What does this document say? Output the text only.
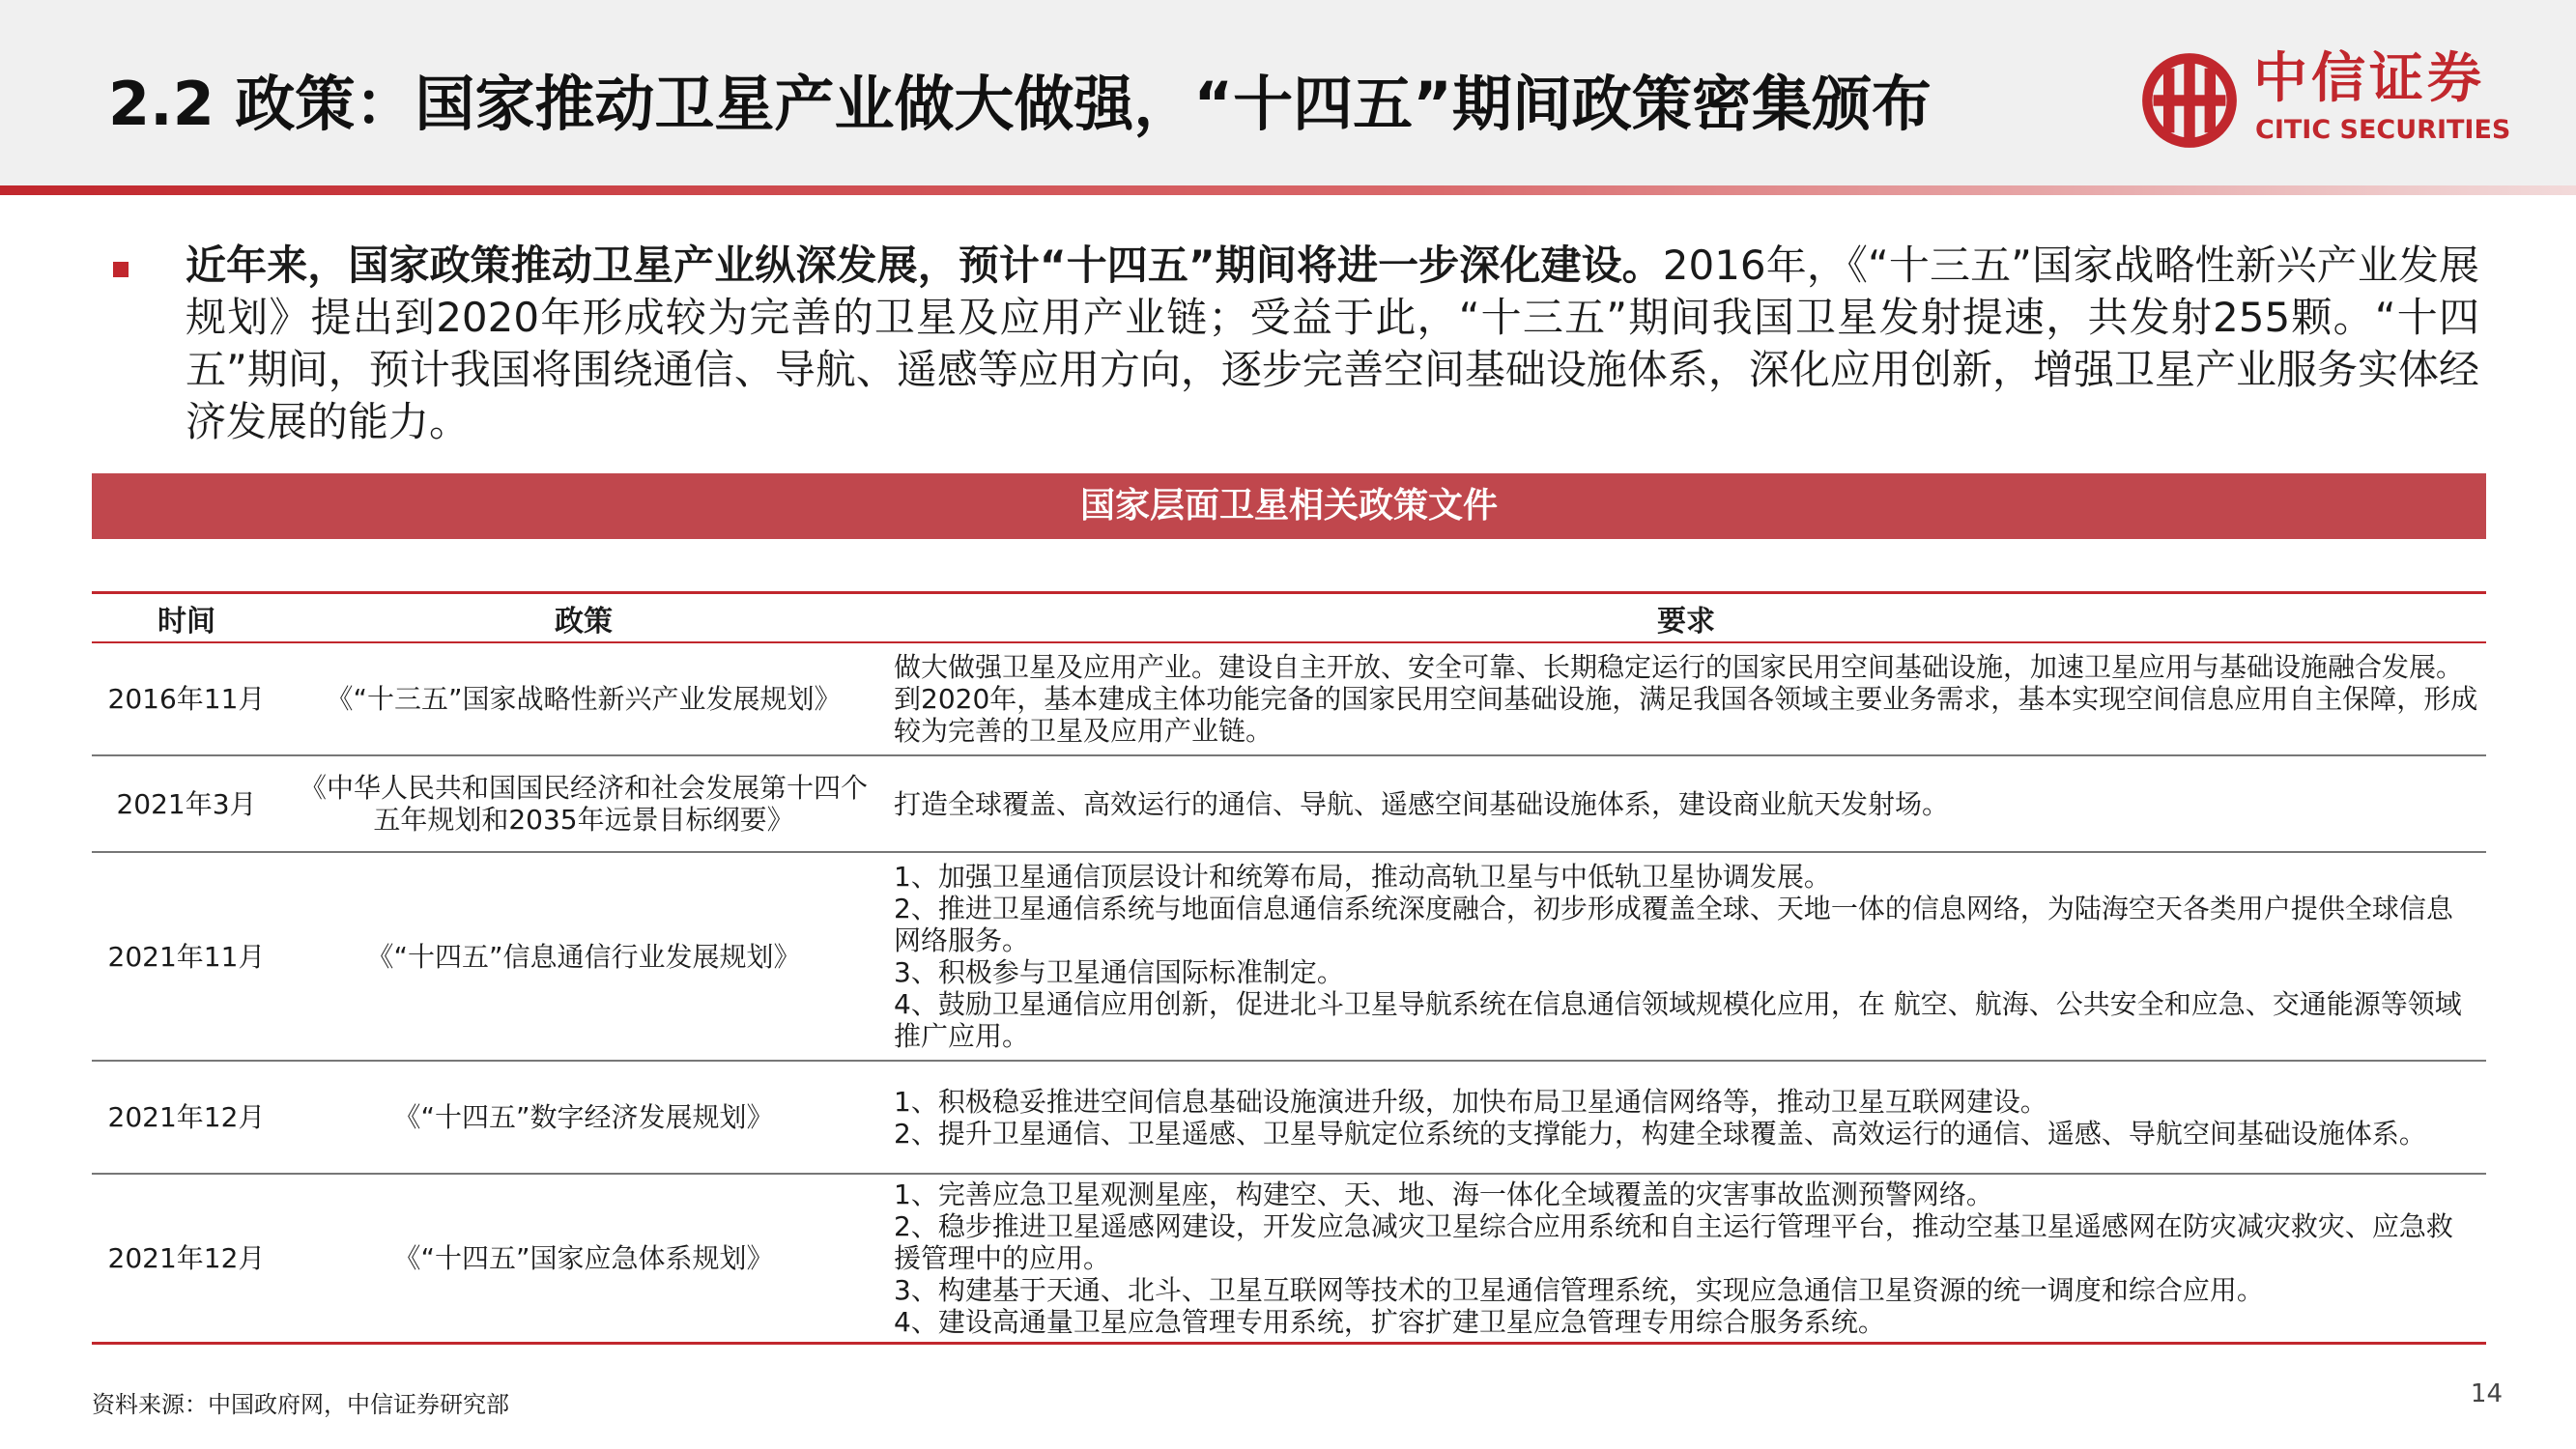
2.2 政策：国家推动卫星产业做大做强，“十四五”期间政策密集颁布	中信证券
CITIC SECURITIES
近年来，国家政策推动卫星产业纵深发展，预计“十四五”期间将进一步深化建设。2016年，《“十三五”国家战略性新兴产业发展规划》提出到2020年形成较为完善的卫星及应用产业链；受益于此，“十三五”期间我国卫星发射提速，共发射255颗。“十四五”期间，预计我国将围绕通信、导航、遥感等应用方向，逐步完善空间基础设施体系，深化应用创新，增强卫星产业服务实体经济发展的能力。
国家层面卫星相关政策文件
时间	政策	要求
2016年11月	《“十三五”国家战略性新兴产业发展规划》	做大做强卫星及应用产业。建设自主开放、安全可靠、长期稳定运行的国家民用空间基础设施，加速卫星应用与基础设施融合发展。到2020年，基本建成主体功能完备的国家民用空间基础设施，满足我国各领域主要业务需求，基本实现空间信息应用自主保障，形成较为完善的卫星及应用产业链。

2021年3月	《中华人民共和国国民经济和社会发展第十四个五年规划和2035年远景目标纲要》	打造全球覆盖、高效运行的通信、导航、遥感空间基础设施体系，建设商业航天发射场。

2021年11月	《“十四五”信息通信行业发展规划》	1、加强卫星通信顶层设计和统筹布局，推动高轨卫星与中低轨卫星协调发展。
2、推进卫星通信系统与地面信息通信系统深度融合，初步形成覆盖全球、天地一体的信息网络，为陆海空天各类用户提供全球信息网络服务。
3、积极参与卫星通信国际标准制定。
4、鼓励卫星通信应用创新，促进北斗卫星导航系统在信息通信领域规模化应用，在 航空、航海、公共安全和应急、交通能源等领域推广应用。

2021年12月	《“十四五”数字经济发展规划》	1、积极稳妥推进空间信息基础设施演进升级，加快布局卫星通信网络等，推动卫星互联网建设。
2、提升卫星通信、卫星遥感、卫星导航定位系统的支撑能力，构建全球覆盖、高效运行的通信、遥感、导航空间基础设施体系。

2021年12月	《“十四五”国家应急体系规划》	1、完善应急卫星观测星座，构建空、天、地、海一体化全域覆盖的灾害事故监测预警网络。
2、稳步推进卫星遥感网建设，开发应急减灾卫星综合应用系统和自主运行管理平台，推动空基卫星遥感网在防灾减灾救灾、应急救援管理中的应用。
3、构建基于天通、北斗、卫星互联网等技术的卫星通信管理系统，实现应急通信卫星资源的统一调度和综合应用。
4、建设高通量卫星应急管理专用系统，扩容扩建卫星应急管理专用综合服务系统。
资料来源：中国政府网，中信证券研究部	14
